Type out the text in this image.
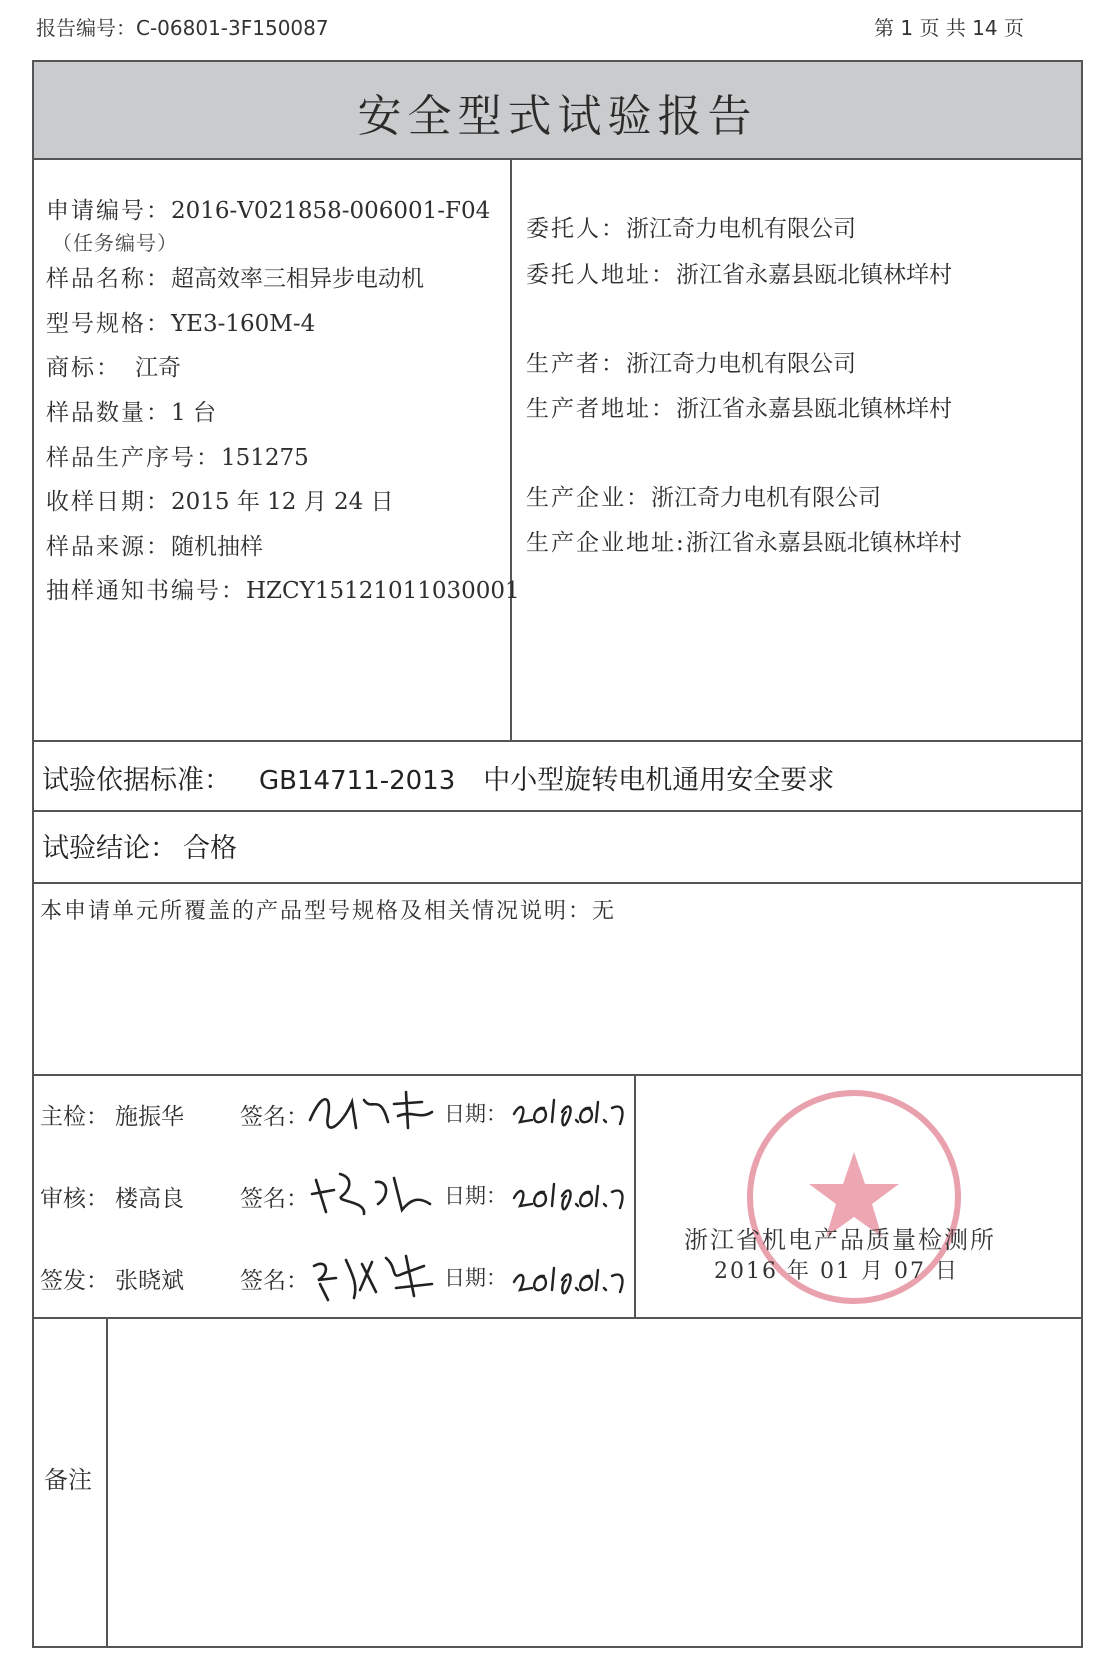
报告编号：C-06801-3F150087	第 1 页 共 14 页
安全型式试验报告
申请编号：2016-V021858-006001-F04
（任务编号）
样品名称：超高效率三相异步电动机
型号规格：YE3-160M-4
商标： 江奇
样品数量：1 台
样品生产序号：151275
收样日期：2015 年 12 月 24 日
样品来源：随机抽样
抽样通知书编号：HZCY15121011030001
委托人：浙江奇力电机有限公司
委托人地址：浙江省永嘉县瓯北镇林垟村
生产者：浙江奇力电机有限公司
生产者地址：浙江省永嘉县瓯北镇林垟村
生产企业：浙江奇力电机有限公司
生产企业地址:浙江省永嘉县瓯北镇林垟村
试验依据标准： GB14711-2013 中小型旋转电机通用安全要求
试验结论： 合格
本申请单元所覆盖的产品型号规格及相关情况说明：无
主检： 施振华 签名：	日期：
审核： 楼高良 签名：	日期：
签发： 张晓斌 签名：	日期：
浙江省机电产品质量检测所
2016 年 01 月 07 日
备注
